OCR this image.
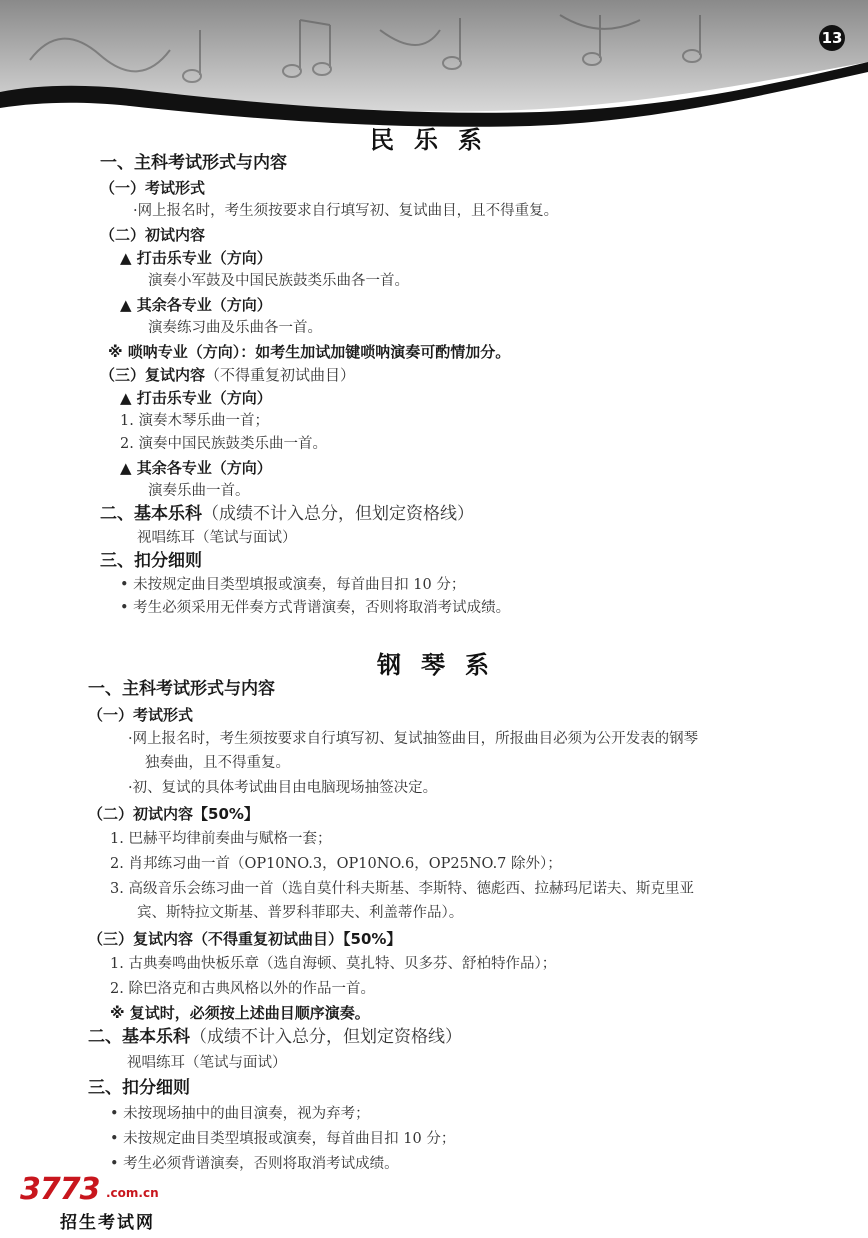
13
民乐系
一、主科考试形式与内容
（一）考试形式
·网上报名时，考生须按要求自行填写初、复试曲目，且不得重复。
（二）初试内容
▲ 打击乐专业（方向）
演奏小军鼓及中国民族鼓类乐曲各一首。
▲ 其余各专业（方向）
演奏练习曲及乐曲各一首。
※ 唢呐专业（方向）：如考生加试加键唢呐演奏可酌情加分。
（三）复试内容（不得重复初试曲目）
▲ 打击乐专业（方向）
1. 演奏木琴乐曲一首；
2. 演奏中国民族鼓类乐曲一首。
▲ 其余各专业（方向）
演奏乐曲一首。
二、基本乐科（成绩不计入总分，但划定资格线）
视唱练耳（笔试与面试）
三、扣分细则
• 未按规定曲目类型填报或演奏，每首曲目扣 10 分；
• 考生必须采用无伴奏方式背谱演奏，否则将取消考试成绩。
钢琴系
一、主科考试形式与内容
（一）考试形式
·网上报名时，考生须按要求自行填写初、复试抽签曲目，所报曲目必须为公开发表的钢琴
独奏曲，且不得重复。
·初、复试的具体考试曲目由电脑现场抽签决定。
（二）初试内容【50%】
1. 巴赫平均律前奏曲与赋格一套；
2. 肖邦练习曲一首（OP10NO.3，OP10NO.6，OP25NO.7 除外）；
3. 高级音乐会练习曲一首（选自莫什科夫斯基、李斯特、德彪西、拉赫玛尼诺夫、斯克里亚
宾、斯特拉文斯基、普罗科菲耶夫、利盖蒂作品）。
（三）复试内容（不得重复初试曲目）【50%】
1. 古典奏鸣曲快板乐章（选自海顿、莫扎特、贝多芬、舒柏特作品）；
2. 除巴洛克和古典风格以外的作品一首。
※ 复试时，必须按上述曲目顺序演奏。
二、基本乐科（成绩不计入总分，但划定资格线）
视唱练耳（笔试与面试）
三、扣分细则
• 未按现场抽中的曲目演奏，视为弃考；
• 未按规定曲目类型填报或演奏，每首曲目扣 10 分；
• 考生必须背谱演奏，否则将取消考试成绩。
3773 .com.cn
招生考试网
